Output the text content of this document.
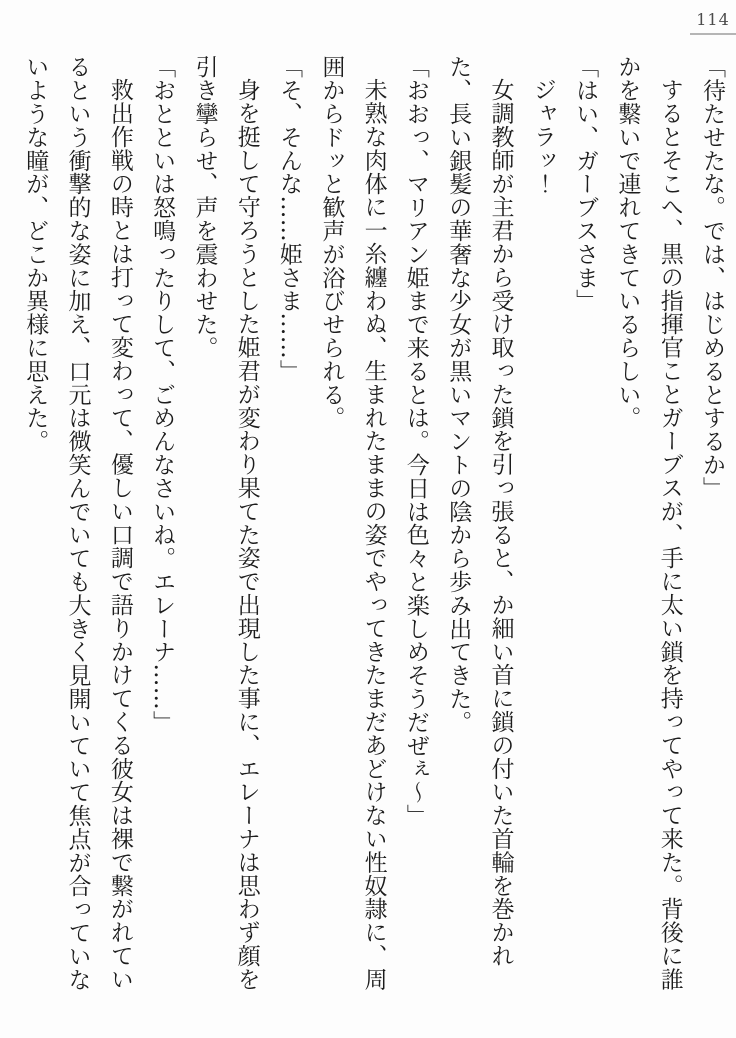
114

「待たせたな。では、はじめるとするか」

するとそこへ、黒の指揮官ことガーブスが、手に太い鎖を持ってやって来た。背後に誰かを繋いで連れてきているらしい。

「はい、ガーブスさま」

ジャラッ！

女調教師が主君から受け取った鎖を引っ張ると、か細い首に鎖の付いた首輪を巻かれた、長い銀髪の華奢な少女が黒いマントの陰から歩み出てきた。

「おおっ、マリアン姫まで来るとは。今日は色々と楽しめそうだぜぇ〜」

未熟な肉体に一糸纏わぬ、生まれたままの姿でやってきたまだあどけない性奴隷に、周囲からドッと歓声が浴びせられる。

「そ、そんな……姫さま……」

身を挺して守ろうとした姫君が変わり果てた姿で出現した事に、エレーナは思わず顔を引き攣らせ、声を震わせた。

「おとといは怒鳴ったりして、ごめんなさいね。エレーナ……」

救出作戦の時とは打って変わって、優しい口調で語りかけてくる彼女は裸で繋がれているという衝撃的な姿に加え、口元は微笑んでいても大きく見開いていて焦点が合っていないような瞳が、どこか異様に思えた。
